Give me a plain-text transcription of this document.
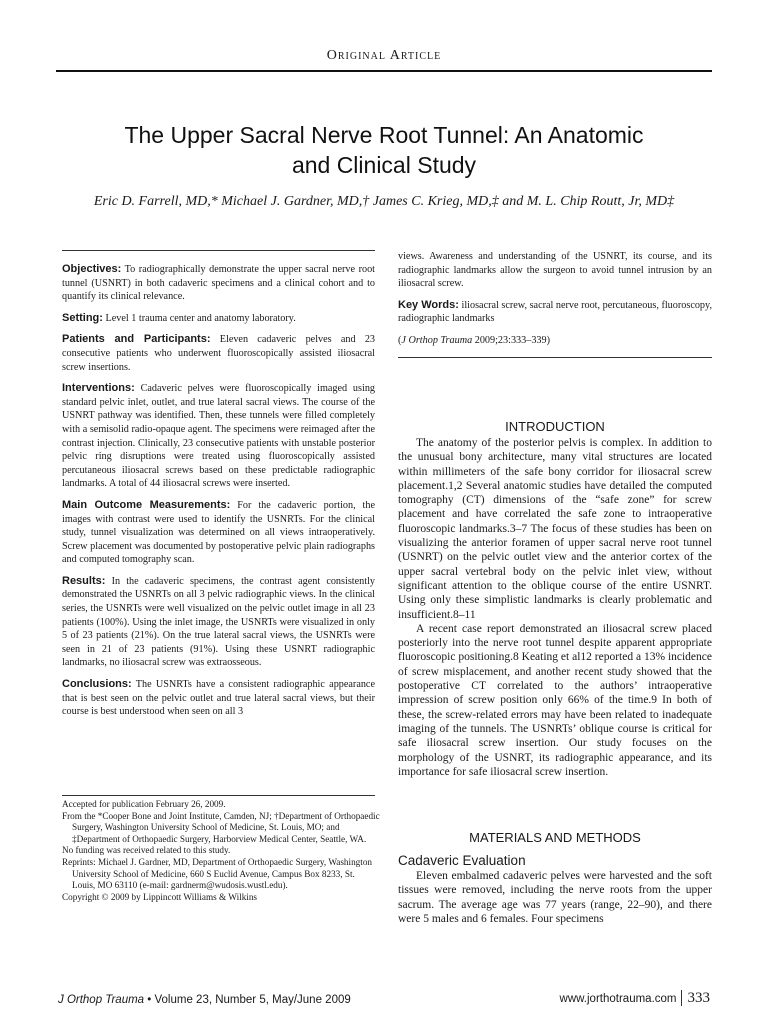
Original Article
The Upper Sacral Nerve Root Tunnel: An Anatomic
and Clinical Study
Eric D. Farrell, MD,* Michael J. Gardner, MD,† James C. Krieg, MD,‡ and M. L. Chip Routt, Jr, MD‡

Objectives: To radiographically demonstrate the upper sacral nerve root tunnel (USNRT) in both cadaveric specimens and a clinical cohort and to quantify its clinical relevance.

Setting: Level 1 trauma center and anatomy laboratory.

Patients and Participants: Eleven cadaveric pelves and 23 consecutive patients who underwent fluoroscopically assisted iliosacral screw insertions.

Interventions: Cadaveric pelves were fluoroscopically imaged using standard pelvic inlet, outlet, and true lateral sacral views. The course of the USNRT pathway was identified. Then, these tunnels were filled completely with a semisolid radio-opaque agent. The specimens were reimaged after the contrast injection. Clinically, 23 consecutive patients with unstable posterior pelvic ring disruptions were treated using fluoroscopically assisted percutaneous iliosacral screws based on these predictable radiographic landmarks. A total of 44 iliosacral screws were inserted.

Main Outcome Measurements: For the cadaveric portion, the images with contrast were used to identify the USNRTs. For the clinical study, tunnel visualization was determined on all views intraoperatively. Screw placement was documented by postoperative pelvic plain radiographs and computed tomography scan.

Results: In the cadaveric specimens, the contrast agent consistently demonstrated the USNRTs on all 3 pelvic radiographic views. In the clinical series, the USNRTs were well visualized on the pelvic outlet image in all 23 patients (100%). Using the inlet image, the USNRTs were visualized in only 5 of 23 patients (21%). On the true lateral sacral views, the USNRTs were seen in 21 of 23 patients (91%). Using these USNRT radiographic landmarks, no iliosacral screw was extraosseous.

Conclusions: The USNRTs have a consistent radiographic appearance that is best seen on the pelvic outlet and true lateral sacral views, but their course is best understood when seen on all 3

Accepted for publication February 26, 2009.
From the *Cooper Bone and Joint Institute, Camden, NJ; †Department of Orthopaedic Surgery, Washington University School of Medicine, St. Louis, MO; and ‡Department of Orthopaedic Surgery, Harborview Medical Center, Seattle, WA.
No funding was received related to this study.
Reprints: Michael J. Gardner, MD, Department of Orthopaedic Surgery, Washington University School of Medicine, 660 S Euclid Avenue, Campus Box 8233, St. Louis, MO 63110 (e-mail: gardnerm@wudosis.wustl.edu).
Copyright © 2009 by Lippincott Williams & Wilkins

views. Awareness and understanding of the USNRT, its course, and its radiographic landmarks allow the surgeon to avoid tunnel intrusion by an iliosacral screw.

Key Words: iliosacral screw, sacral nerve root, percutaneous, fluoroscopy, radiographic landmarks

(J Orthop Trauma 2009;23:333–339)

INTRODUCTION

The anatomy of the posterior pelvis is complex. In addition to the unusual bony architecture, many vital structures are located within millimeters of the safe bony corridor for iliosacral screw placement.1,2 Several anatomic studies have detailed the computed tomography (CT) dimensions of the “safe zone” for screw placement and have correlated the safe zone to intraoperative fluoroscopic landmarks.3–7 The focus of these studies has been on visualizing the anterior foramen of upper sacral nerve root tunnel (USNRT) on the pelvic outlet view and the anterior cortex of the upper sacral vertebral body on the pelvic inlet view, without significant attention to the oblique course of the entire USNRT. Using only these simplistic landmarks is clearly problematic and insufficient.8–11

A recent case report demonstrated an iliosacral screw placed posteriorly into the nerve root tunnel despite apparent appropriate fluoroscopic positioning.8 Keating et al12 reported a 13% incidence of screw misplacement, and another recent study showed that the postoperative CT correlated to the authors’ intraoperative impression of screw position only 66% of the time.9 In both of these, the screw-related errors may have been related to inadequate imaging of the tunnels. The USNRTs’ oblique course is critical for safe iliosacral screw insertion. Our study focuses on the morphology of the USNRT, its radiographic appearance, and its importance for safe iliosacral screw insertion.

MATERIALS AND METHODS
Cadaveric Evaluation

Eleven embalmed cadaveric pelves were harvested and the soft tissues were removed, including the nerve roots from the upper sacrum. The average age was 77 years (range, 22–90), and there were 5 males and 6 females. Four specimens

J Orthop Trauma • Volume 23, Number 5, May/June 2009	www.jorthotrauma.com 333
